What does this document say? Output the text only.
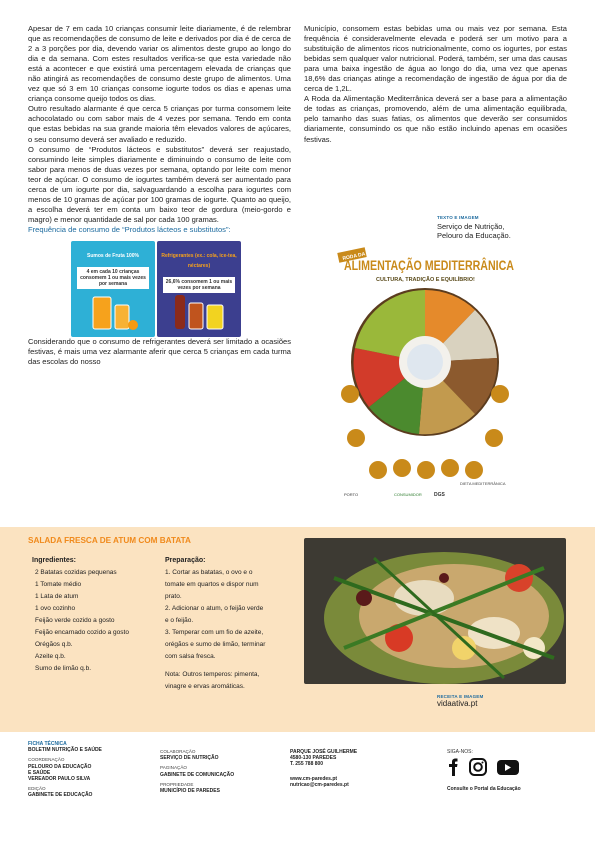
Apesar de 7 em cada 10 crianças consumir leite diariamente, é de relembrar que as recomendações de consumo de leite e derivados por dia é de cerca de 2 a 3 porções por dia, devendo variar os alimentos deste grupo ao longo do dia e da semana. Com estes resultados verifica-se que esta variedade não está a acontecer e que existirá uma percentagem elevada de crianças que não atingirá as recomendações de consumo deste grupo de alimentos. Uma vez que só 3 em 10 crianças consome iogurte todos os dias e apenas uma criança consome queijo todos os dias.

Outro resultado alarmante é que cerca 5 crianças por turma consomem leite achocolatado ou com sabor mais de 4 vezes por semana. Tendo em conta que estas bebidas na sua grande maioria têm elevados valores de açúcares, o seu consumo deverá ser avaliado e reduzido.

O consumo de “Produtos lácteos e substitutos” deverá ser reajustado, consumindo leite simples diariamente e diminuindo o consumo de leite com sabor para menos de duas vezes por semana, optando por leite com menor teor de açúcar. O consumo de iogurtes também deverá ser aumentado para cerca de um iogurte por dia, salvaguardando a escolha para iogurtes com menos de 10 gramas de açúcar por 100 gramas de iogurte. Quanto ao queijo, a escolha deverá ter em conta um baixo teor de gordura (meio-gordo e magro) e menor quantidade de sal por cada 100 gramas.

Frequência de consumo de “Produtos lácteos e substitutos”:

Sumos de Fruta 100%
4 em cada 10 crianças consomem 1 ou mais vezes por semana
Refrigerantes (ex.: cola, ice-tea, néctares)
26,6% consomem 1 ou mais vezes por semana

Considerando que o consumo de refrigerantes deverá ser limitado a ocasiões festivas, é mais uma vez alarmante aferir que cerca 5 crianças em cada turma das escolas do nosso

Município, consomem estas bebidas uma ou mais vez por semana. Esta frequência é consideravelmente elevada e poderá ser um motivo para a substituição de alimentos ricos nutricionalmente, como os iogurtes, por estas bebidas sem qualquer valor nutricional. Poderá, também, ser uma das causas para uma baixa ingestão de água ao longo do dia, uma vez que apenas 18,6% das crianças atinge a recomendação de ingestão de água por dia de cerca de 1,2L.

A Roda da Alimentação Mediterrânica deverá ser a base para a alimentação de todas as crianças, promovendo, além de uma alimentação equilibrada, pelo tamanho das suas fatias, os alimentos que deverão ser consumidos diariamente, consumindo os que não estão incluindo apenas em ocasiões festivas.

TEXTO E IMAGEM
Serviço de Nutrição,
Pelouro da Educação.
RODA DA
ALIMENTAÇÃO MEDITERRÂNICA
CULTURA, TRADIÇÃO E EQUILÍBRIO!
DIETA MEDITERRÂNICA
PORTO	CONSUMIDOR DGS
SALADA FRESCA DE ATUM COM BATATA
Ingredientes:
2 Batatas cozidas pequenas
1 Tomate médio
1 Lata de atum
1 ovo cozinho
Feijão verde cozido a gosto
Feijão encarnado cozido a gosto
Orégãos q.b.
Azeite q.b.
Sumo de limão q.b.
Preparação:
1. Cortar as batatas, o ovo e o
tomate em quartos e dispor num
prato.
2. Adicionar o atum, o feijão verde
e o feijão.
3. Temperar com um fio de azeite,
orégãos e sumo de limão, terminar
com salsa fresca.

Nota: Outros temperos: pimenta,
vinagre e ervas aromáticas.
RECEITA E IMAGEM
vidaativa.pt
FICHA TÉCNICA
BOLETIM NUTRIÇÃO E SAÚDE
COORDENAÇÃO
PELOURO DA EDUCAÇÃO
E SAÚDE
VEREADOR PAULO SILVA
EDIÇÃO
GABINETE DE EDUCAÇÃO
COLABORAÇÃO
SERVIÇO DE NUTRIÇÃO
PAGINAÇÃO
GABINETE DE COMUNICAÇÃO
PROPRIEDADE
MUNICÍPIO DE PAREDES
PARQUE JOSÉ GUILHERME
4580-130 PAREDES
T. 255 788 800
www.cm-paredes.pt
nutricao@cm-paredes.pt
SIGA-NOS:
Consulte o Portal da Educação
